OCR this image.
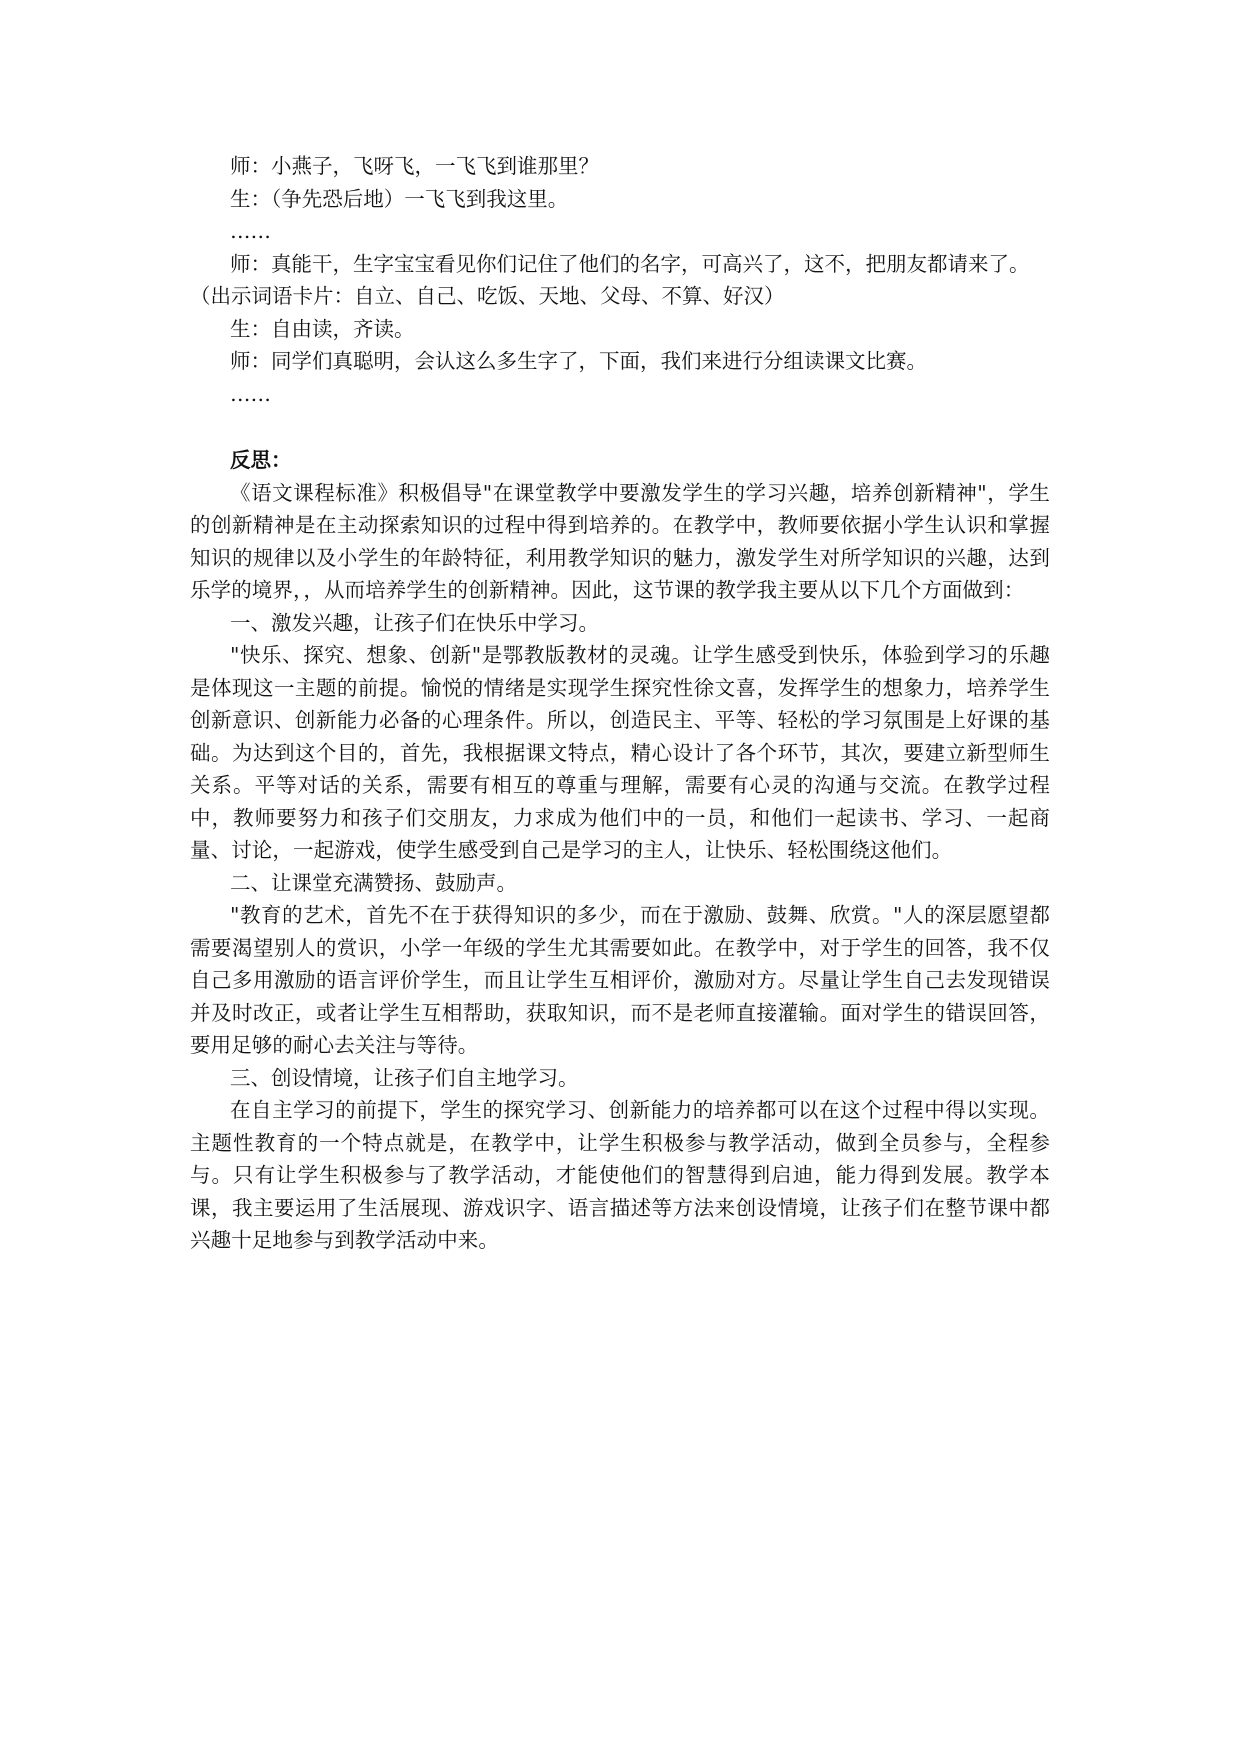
师：小燕子，飞呀飞，一飞飞到谁那里？
生：（争先恐后地）一飞飞到我这里。
……
师：真能干，生字宝宝看见你们记住了他们的名字，可高兴了，这不，把朋友都请来了。
（出示词语卡片：自立、自己、吃饭、天地、父母、不算、好汉）
生：自由读，齐读。
师：同学们真聪明，会认这么多生字了，下面，我们来进行分组读课文比赛。
……
反思：
《语文课程标准》积极倡导"在课堂教学中要激发学生的学习兴趣，培养创新精神"，学生的创新精神是在主动探索知识的过程中得到培养的。在教学中，教师要依据小学生认识和掌握知识的规律以及小学生的年龄特征，利用教学知识的魅力，激发学生对所学知识的兴趣，达到乐学的境界，，从而培养学生的创新精神。因此，这节课的教学我主要从以下几个方面做到：
一、激发兴趣，让孩子们在快乐中学习。
"快乐、探究、想象、创新"是鄂教版教材的灵魂。让学生感受到快乐，体验到学习的乐趣是体现这一主题的前提。愉悦的情绪是实现学生探究性徐文喜，发挥学生的想象力，培养学生创新意识、创新能力必备的心理条件。所以，创造民主、平等、轻松的学习氛围是上好课的基础。为达到这个目的，首先，我根据课文特点，精心设计了各个环节，其次，要建立新型师生关系。平等对话的关系，需要有相互的尊重与理解，需要有心灵的沟通与交流。在教学过程中，教师要努力和孩子们交朋友，力求成为他们中的一员，和他们一起读书、学习、一起商量、讨论，一起游戏，使学生感受到自己是学习的主人，让快乐、轻松围绕这他们。
二、让课堂充满赞扬、鼓励声。
"教育的艺术，首先不在于获得知识的多少，而在于激励、鼓舞、欣赏。"人的深层愿望都需要渴望别人的赏识，小学一年级的学生尤其需要如此。在教学中，对于学生的回答，我不仅自己多用激励的语言评价学生，而且让学生互相评价，激励对方。尽量让学生自己去发现错误并及时改正，或者让学生互相帮助，获取知识，而不是老师直接灌输。面对学生的错误回答，要用足够的耐心去关注与等待。
三、创设情境，让孩子们自主地学习。
在自主学习的前提下，学生的探究学习、创新能力的培养都可以在这个过程中得以实现。主题性教育的一个特点就是，在教学中，让学生积极参与教学活动，做到全员参与，全程参与。只有让学生积极参与了教学活动，才能使他们的智慧得到启迪，能力得到发展。教学本课，我主要运用了生活展现、游戏识字、语言描述等方法来创设情境，让孩子们在整节课中都兴趣十足地参与到教学活动中来。
